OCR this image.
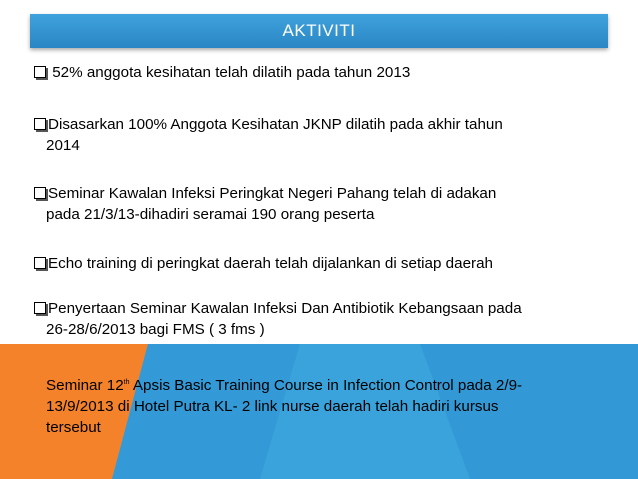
AKTIVITI
52% anggota kesihatan telah dilatih pada tahun 2013
Disasarkan 100% Anggota Kesihatan JKNP dilatih pada akhir tahun
2014
Seminar Kawalan Infeksi Peringkat Negeri Pahang telah di adakan
pada 21/3/13-dihadiri seramai 190 orang peserta
Echo training di peringkat daerah telah dijalankan di setiap daerah
Penyertaan Seminar Kawalan Infeksi Dan Antibiotik Kebangsaan pada
26-28/6/2013 bagi FMS ( 3 fms )
Seminar 12th Apsis Basic Training Course in Infection Control pada 2/9-
13/9/2013 di Hotel Putra KL- 2 link nurse daerah telah hadiri kursus
tersebut
